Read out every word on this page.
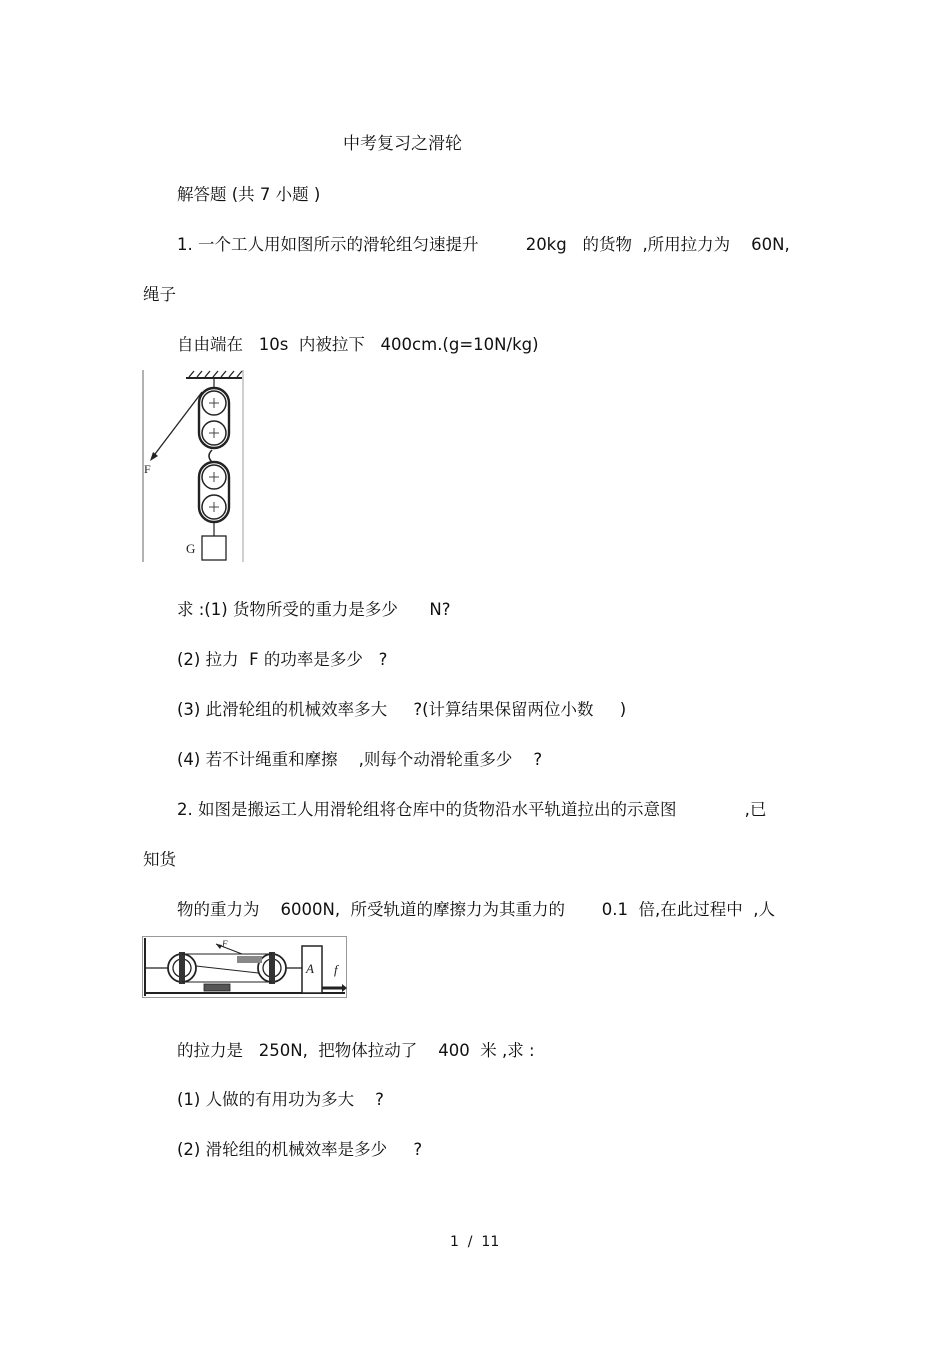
中考复习之滑轮
解答题 (共 7 小题 )
1. 一个工人用如图所示的滑轮组匀速提升         20kg   的货物  ,所用拉力为    60N,
绳子
自由端在   10s  内被拉下   400cm.(g=10N/kg)
F
G
求 :(1) 货物所受的重力是多少      N?
(2) 拉力  F 的功率是多少   ?
(3) 此滑轮组的机械效率多大     ?(计算结果保留两位小数     )
(4) 若不计绳重和摩擦    ,则每个动滑轮重多少    ?
2. 如图是搬运工人用滑轮组将仓库中的货物沿水平轨道拉出的示意图             ,已
知货
物的重力为    6000N,  所受轨道的摩擦力为其重力的       0.1  倍,在此过程中  ,人
F
A f
的拉力是   250N,  把物体拉动了    400  米 ,求 :
(1) 人做的有用功为多大    ?
(2) 滑轮组的机械效率是多少     ?
1  /  11
